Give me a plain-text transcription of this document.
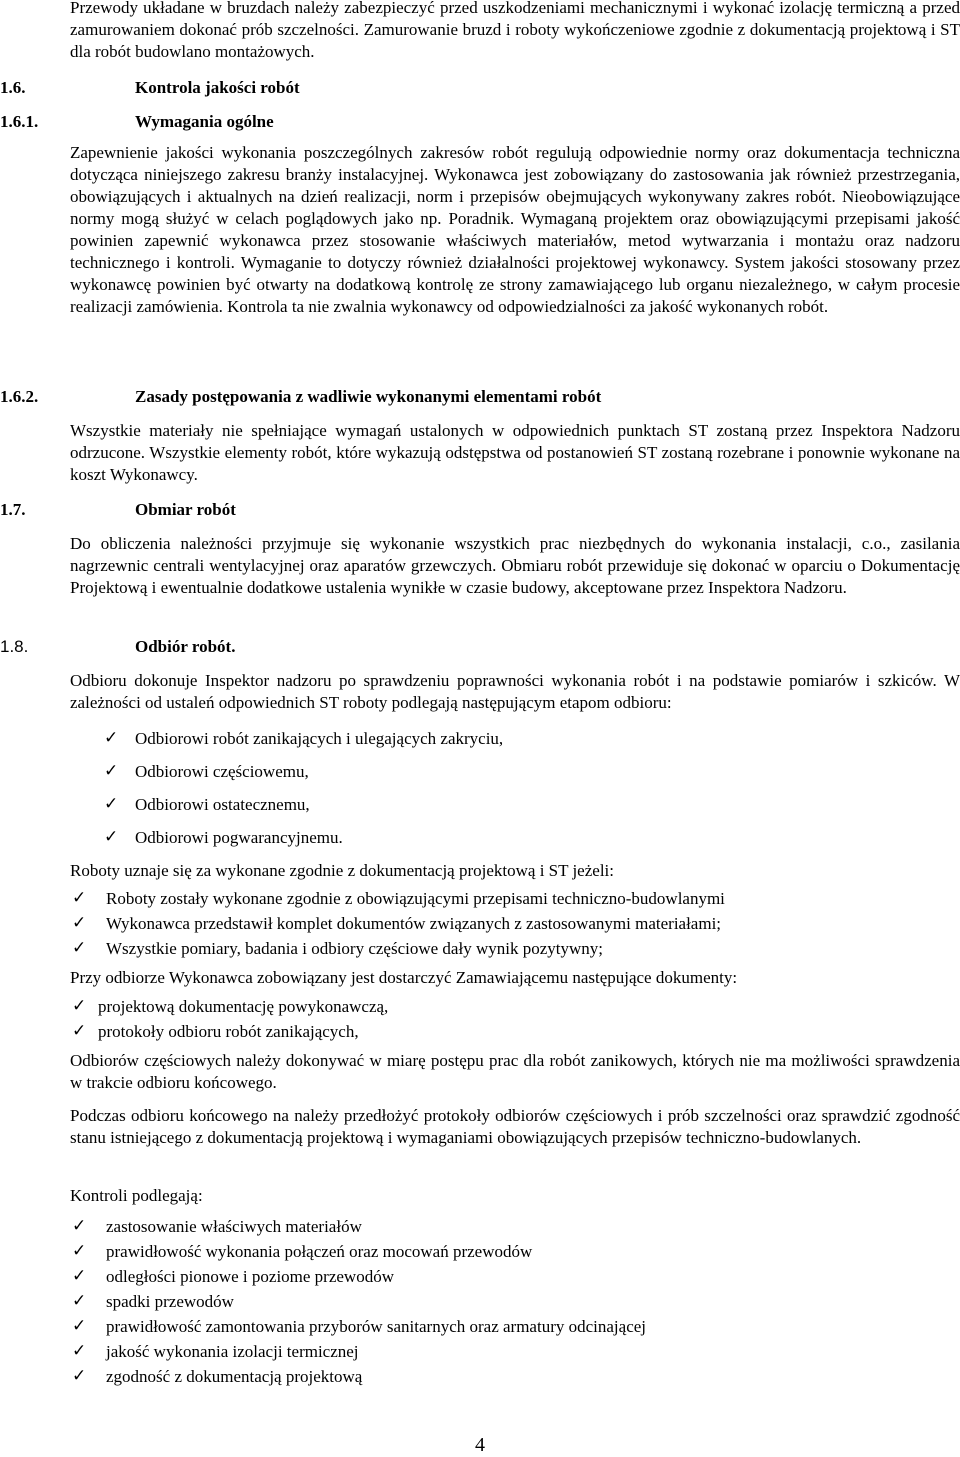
Przewody układane w bruzdach należy zabezpieczyć przed uszkodzeniami mechanicznymi i wykonać izolację termiczną a przed zamurowaniem dokonać prób szczelności. Zamurowanie bruzd i roboty wykończeniowe zgodnie z dokumentacją projektową i ST dla robót budowlano montażowych.

1.6.	Kontrola jakości robót
1.6.1.	Wymagania ogólne

Zapewnienie jakości wykonania poszczególnych zakresów robót regulują odpowiednie normy oraz dokumentacja techniczna dotycząca niniejszego zakresu branży instalacyjnej. Wykonawca jest zobowiązany do zastosowania jak również przestrzegania, obowiązujących i aktualnych na dzień realizacji, norm i przepisów obejmujących wykonywany zakres robót. Nieobowiązujące normy mogą służyć w celach poglądowych jako np. Poradnik. Wymaganą projektem oraz obowiązującymi przepisami jakość powinien zapewnić wykonawca przez stosowanie właściwych materiałów, metod wytwarzania i montażu oraz nadzoru technicznego i kontroli. Wymaganie to dotyczy również działalności projektowej wykonawcy. System jakości stosowany przez wykonawcę powinien być otwarty na dodatkową kontrolę ze strony zamawiającego lub organu niezależnego, w całym procesie realizacji zamówienia. Kontrola ta nie zwalnia wykonawcy od odpowiedzialności za jakość wykonanych robót.

1.6.2.	Zasady postępowania z wadliwie wykonanymi elementami robót

Wszystkie materiały nie spełniające wymagań ustalonych w odpowiednich punktach ST zostaną przez Inspektora Nadzoru odrzucone. Wszystkie elementy robót, które wykazują odstępstwa od postanowień ST zostaną rozebrane i ponownie wykonane na koszt Wykonawcy.

1.7.	Obmiar robót

Do obliczenia należności przyjmuje się wykonanie wszystkich prac niezbędnych do wykonania instalacji, c.o., zasilania nagrzewnic centrali wentylacyjnej oraz aparatów grzewczych. Obmiaru robót przewiduje się dokonać w oparciu o Dokumentację Projektową i ewentualnie dodatkowe ustalenia wynikłe w czasie budowy, akceptowane przez Inspektora Nadzoru.

1.8.	Odbiór robót.

Odbioru dokonuje Inspektor nadzoru po sprawdzeniu poprawności wykonania robót i na podstawie pomiarów i szkiców. W zależności od ustaleń odpowiednich ST roboty podlegają następującym etapom odbioru:

✓ Odbiorowi robót zanikających i ulegających zakryciu,
✓ Odbiorowi częściowemu,
✓ Odbiorowi ostatecznemu,
✓ Odbiorowi pogwarancyjnemu.

Roboty uznaje się za wykonane zgodnie z dokumentacją projektową i ST jeżeli:

✓ Roboty zostały wykonane zgodnie z obowiązującymi przepisami techniczno-budowlanymi
✓ Wykonawca przedstawił komplet dokumentów związanych z zastosowanymi materiałami;
✓ Wszystkie pomiary, badania i odbiory częściowe dały wynik pozytywny;

Przy odbiorze Wykonawca zobowiązany jest dostarczyć Zamawiającemu następujące dokumenty:

✓ projektową dokumentację powykonawczą,
✓ protokoły odbioru robót zanikających,

Odbiorów częściowych należy dokonywać w miarę postępu prac dla robót zanikowych, których nie ma możliwości sprawdzenia w trakcie odbioru końcowego.

Podczas odbioru końcowego na należy przedłożyć protokoły odbiorów częściowych i prób szczelności oraz sprawdzić zgodność stanu istniejącego z dokumentacją projektową i wymaganiami obowiązujących przepisów techniczno-budowlanych.

Kontroli podlegają:

✓ zastosowanie właściwych materiałów
✓ prawidłowość wykonania połączeń oraz mocowań przewodów
✓ odległości pionowe i poziome przewodów
✓ spadki przewodów
✓ prawidłowość zamontowania przyborów sanitarnych oraz armatury odcinającej
✓ jakość wykonania izolacji termicznej
✓ zgodność z dokumentacją projektową
4
